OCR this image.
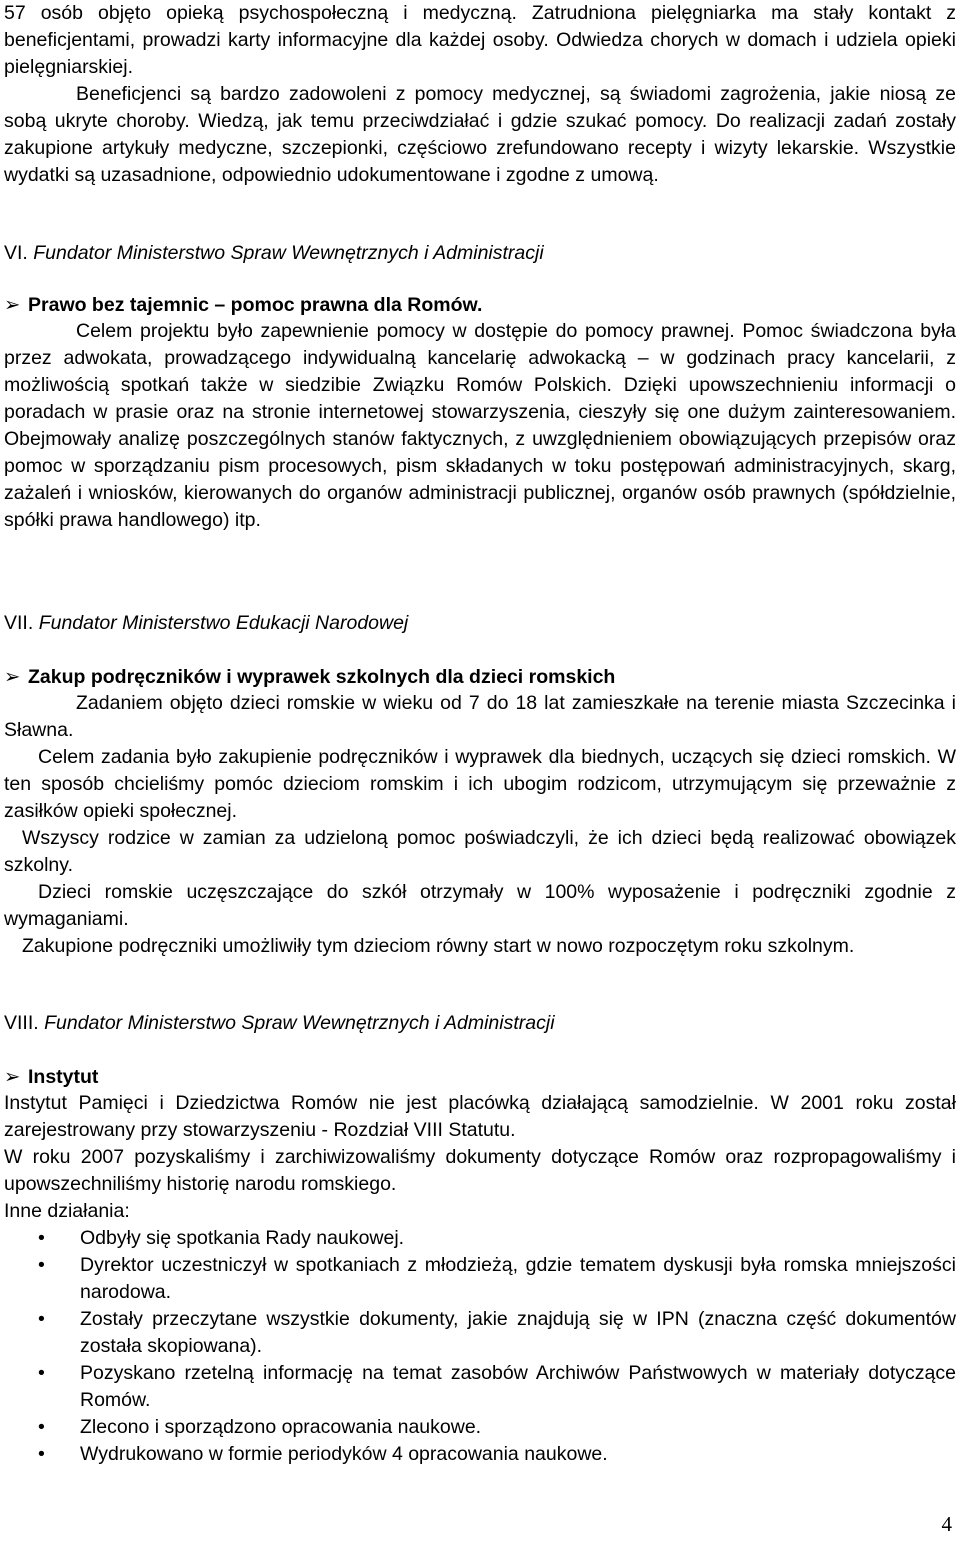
57 osób objęto opieką psychospołeczną i medyczną. Zatrudniona pielęgniarka ma stały kontakt z beneficjentami, prowadzi karty informacyjne dla każdej osoby. Odwiedza chorych w domach i udziela opieki pielęgniarskiej.

Beneficjenci są bardzo zadowoleni z pomocy medycznej, są świadomi zagrożenia, jakie niosą ze sobą ukryte choroby. Wiedzą, jak temu przeciwdziałać i gdzie szukać pomocy. Do realizacji zadań zostały zakupione artykuły medyczne, szczepionki, częściowo zrefundowano recepty i wizyty lekarskie. Wszystkie wydatki są uzasadnione, odpowiednio udokumentowane i zgodne z umową.

VI. Fundator Ministerstwo Spraw Wewnętrznych i Administracji
➢ Prawo bez tajemnic – pomoc prawna dla Romów.

Celem projektu było zapewnienie pomocy w dostępie do pomocy prawnej. Pomoc świadczona była przez adwokata, prowadzącego indywidualną kancelarię adwokacką – w godzinach pracy kancelarii, z możliwością spotkań także w siedzibie Związku Romów Polskich. Dzięki upowszechnieniu informacji o poradach w prasie oraz na stronie internetowej stowarzyszenia, cieszyły się one dużym zainteresowaniem. Obejmowały analizę poszczególnych stanów faktycznych, z uwzględnieniem obowiązujących przepisów oraz pomoc w sporządzaniu pism procesowych, pism składanych w toku postępowań administracyjnych, skarg, zażaleń i wniosków, kierowanych do organów administracji publicznej, organów osób prawnych (spółdzielnie, spółki prawa handlowego) itp.

VII. Fundator Ministerstwo Edukacji Narodowej
➢ Zakup podręczników i wyprawek szkolnych dla dzieci romskich

Zadaniem objęto dzieci romskie w wieku od 7 do 18 lat zamieszkałe na terenie miasta Szczecinka i Sławna.

Celem zadania było zakupienie podręczników i wyprawek dla biednych, uczących się dzieci romskich. W ten sposób chcieliśmy pomóc dzieciom romskim i ich ubogim rodzicom, utrzymującym się przeważnie z zasiłków opieki społecznej.

Wszyscy rodzice w zamian za udzieloną pomoc poświadczyli, że ich dzieci będą realizować obowiązek szkolny.

Dzieci romskie uczęszczające do szkół otrzymały w 100% wyposażenie i podręczniki zgodnie z wymaganiami.

Zakupione podręczniki umożliwiły tym dzieciom równy start w nowo rozpoczętym roku szkolnym.

VIII. Fundator Ministerstwo Spraw Wewnętrznych i Administracji
➢ Instytut

Instytut Pamięci i Dziedzictwa Romów nie jest placówką działającą samodzielnie. W 2001 roku został zarejestrowany przy stowarzyszeniu - Rozdział VIII Statutu.

W roku 2007 pozyskaliśmy i zarchiwizowaliśmy dokumenty dotyczące Romów oraz rozpropagowaliśmy i upowszechniliśmy historię narodu romskiego.

Inne działania:

• Odbyły się spotkania Rady naukowej.
• Dyrektor uczestniczył w spotkaniach z młodzieżą, gdzie tematem dyskusji była romska mniejszości narodowa.
• Zostały przeczytane wszystkie dokumenty, jakie znajdują się w IPN (znaczna część dokumentów została skopiowana).
• Pozyskano rzetelną informację na temat zasobów Archiwów Państwowych w materiały dotyczące Romów.
• Zlecono i sporządzono opracowania naukowe.
• Wydrukowano w formie periodyków 4 opracowania naukowe.
4
